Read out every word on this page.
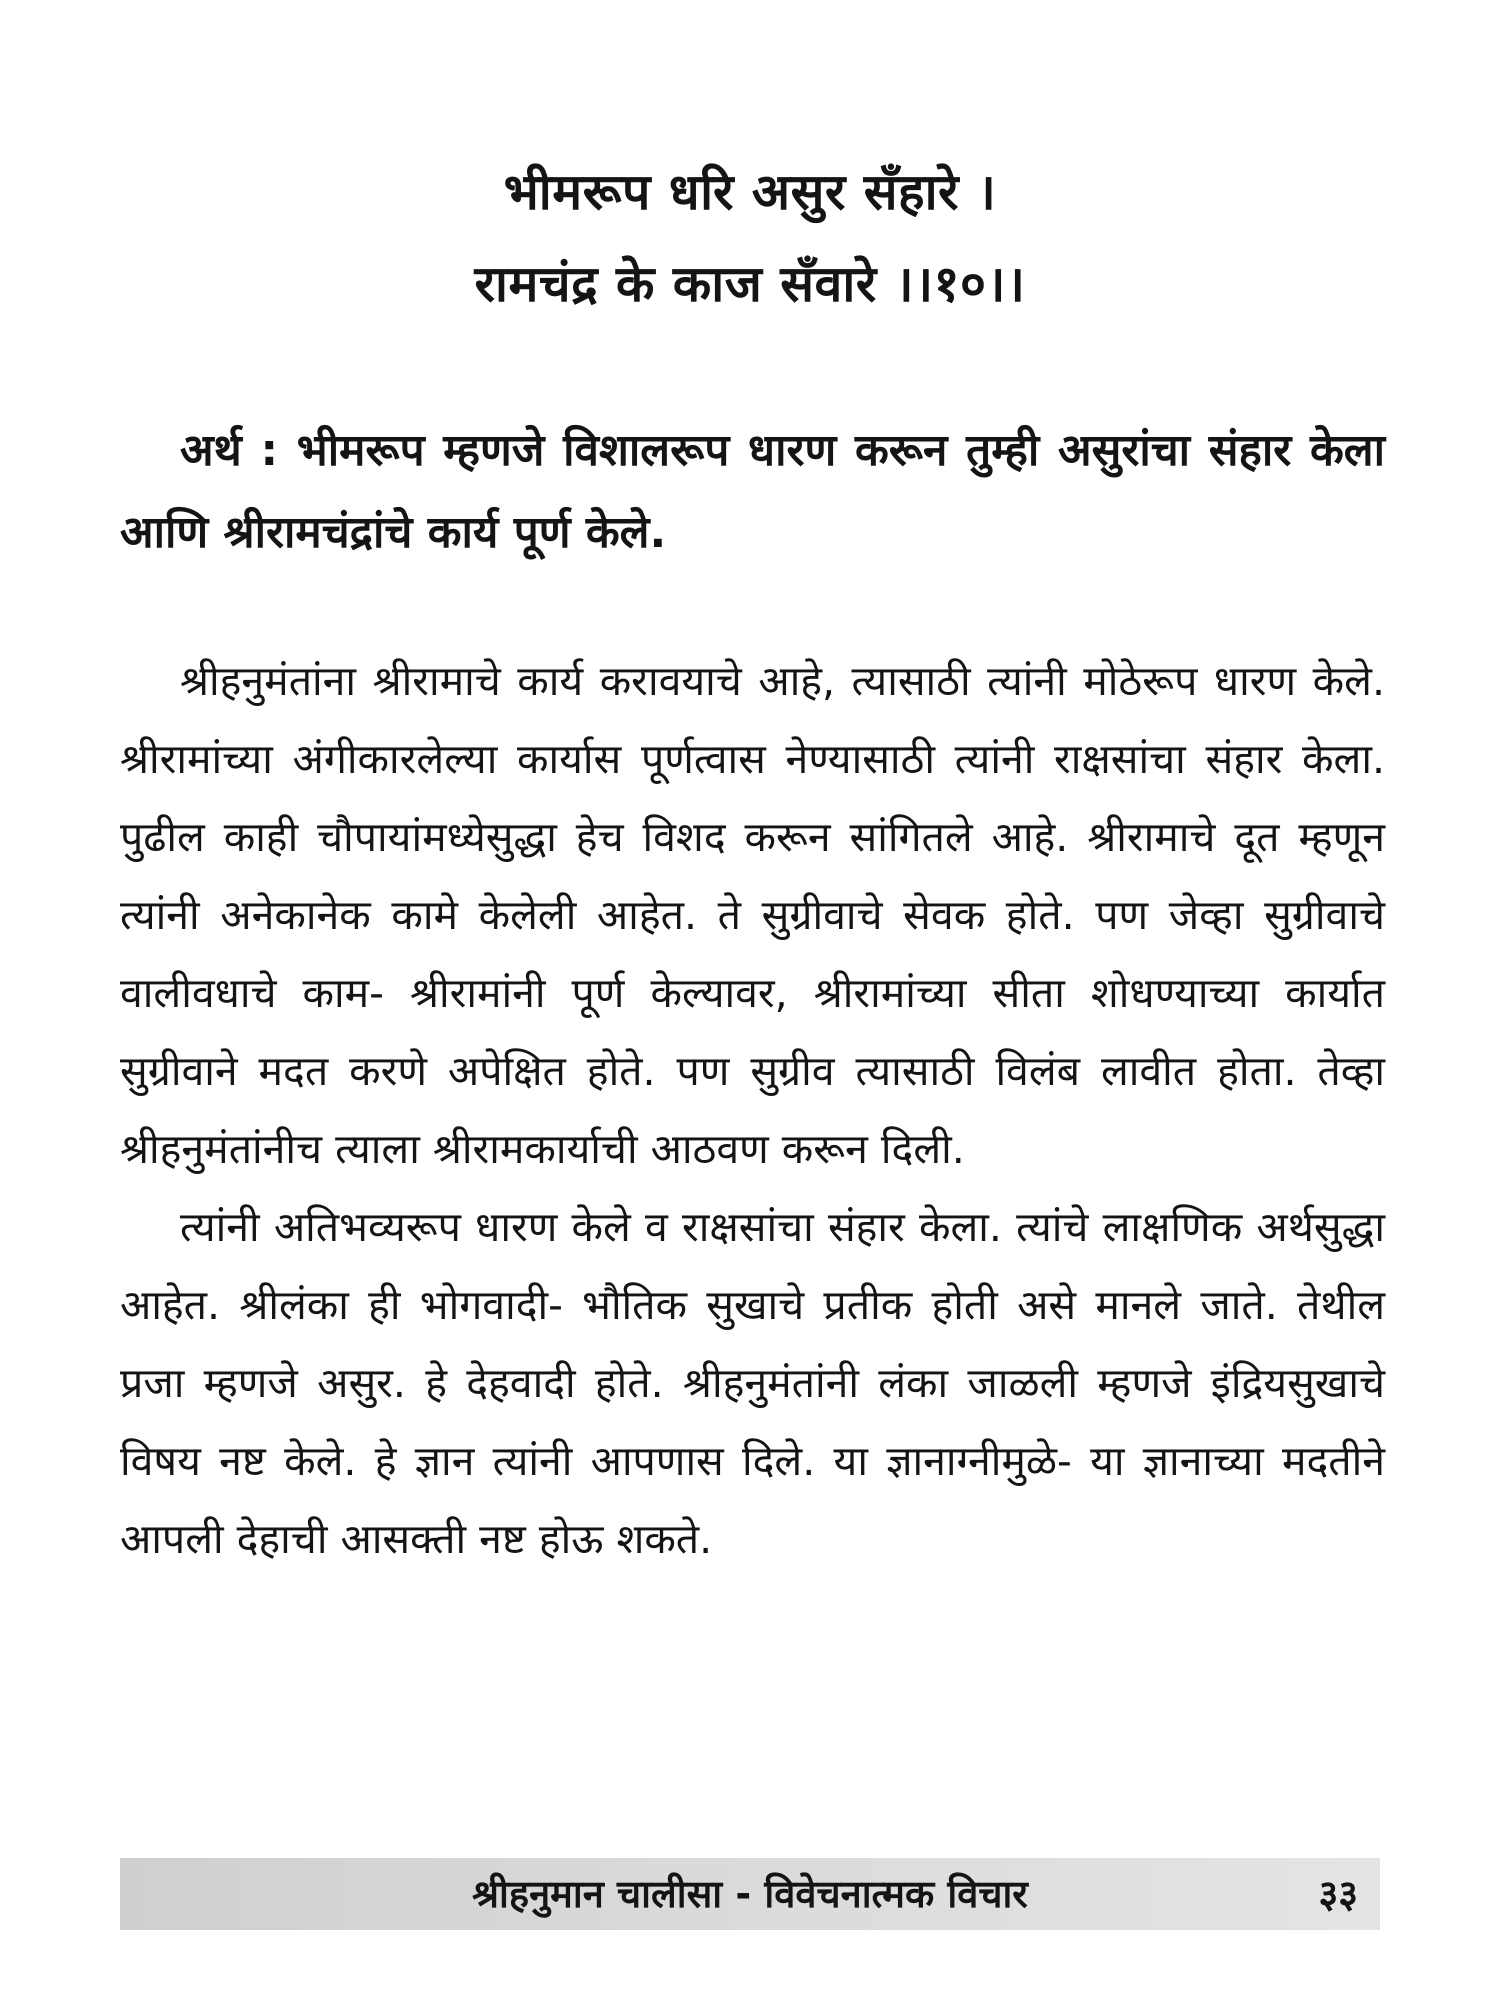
भीमरूप धरि असुर सँहारे ।
रामचंद्र के काज सँवारे ।।१०।।
अर्थ : भीमरूप म्हणजे विशालरूप धारण करून तुम्ही असुरांचा संहार केला आणि श्रीरामचंद्रांचे कार्य पूर्ण केले.

श्रीहनुमंतांना श्रीरामाचे कार्य करावयाचे आहे, त्यासाठी त्यांनी मोठेरूप धारण केले. श्रीरामांच्या अंगीकारलेल्या कार्यास पूर्णत्वास नेण्यासाठी त्यांनी राक्षसांचा संहार केला. पुढील काही चौपायांमध्येसुद्धा हेच विशद करून सांगितले आहे. श्रीरामाचे दूत म्हणून त्यांनी अनेकानेक कामे केलेली आहेत. ते सुग्रीवाचे सेवक होते. पण जेव्हा सुग्रीवाचे वालीवधाचे काम- श्रीरामांनी पूर्ण केल्यावर, श्रीरामांच्या सीता शोधण्याच्या कार्यात सुग्रीवाने मदत करणे अपेक्षित होते. पण सुग्रीव त्यासाठी विलंब लावीत होता. तेव्हा श्रीहनुमंतांनीच त्याला श्रीरामकार्याची आठवण करून दिली.

त्यांनी अतिभव्यरूप धारण केले व राक्षसांचा संहार केला. त्यांचे लाक्षणिक अर्थसुद्धा आहेत. श्रीलंका ही भोगवादी- भौतिक सुखाचे प्रतीक होती असे मानले जाते. तेथील प्रजा म्हणजे असुर. हे देहवादी होते. श्रीहनुमंतांनी लंका जाळली म्हणजे इंद्रियसुखाचे विषय नष्ट केले. हे ज्ञान त्यांनी आपणास दिले. या ज्ञानाग्नीमुळे- या ज्ञानाच्या मदतीने आपली देहाची आसक्ती नष्ट होऊ शकते.

श्रीहनुमान चालीसा - विवेचनात्मक विचार	३३
